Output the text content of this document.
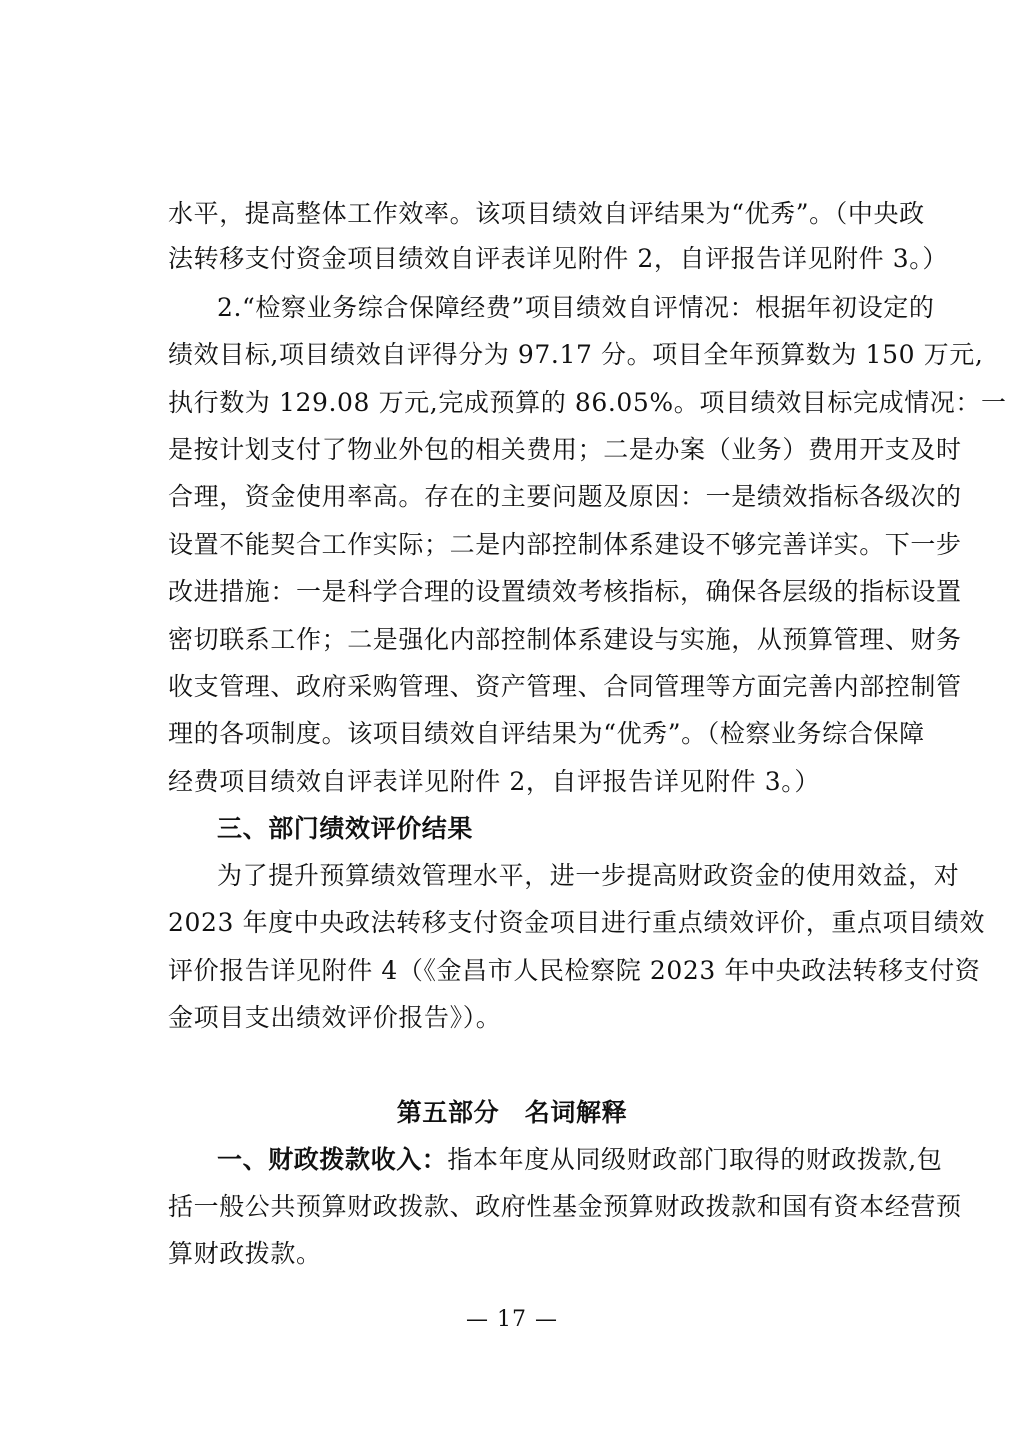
水平，提高整体工作效率。该项目绩效自评结果为“优秀”。（中央政
法转移支付资金项目绩效自评表详见附件 2，自评报告详见附件 3。）
2.“检察业务综合保障经费”项目绩效自评情况：根据年初设定的
绩效目标,项目绩效自评得分为 97.17 分。项目全年预算数为 150 万元,
执行数为 129.08 万元,完成预算的 86.05%。项目绩效目标完成情况：一
是按计划支付了物业外包的相关费用；二是办案（业务）费用开支及时
合理，资金使用率高。存在的主要问题及原因：一是绩效指标各级次的
设置不能契合工作实际；二是内部控制体系建设不够完善详实。下一步
改进措施：一是科学合理的设置绩效考核指标，确保各层级的指标设置
密切联系工作；二是强化内部控制体系建设与实施，从预算管理、财务
收支管理、政府采购管理、资产管理、合同管理等方面完善内部控制管
理的各项制度。该项目绩效自评结果为“优秀”。（检察业务综合保障
经费项目绩效自评表详见附件 2，自评报告详见附件 3。）
三、部门绩效评价结果
为了提升预算绩效管理水平，进一步提高财政资金的使用效益，对
2023 年度中央政法转移支付资金项目进行重点绩效评价，重点项目绩效
评价报告详见附件 4（《金昌市人民检察院 2023 年中央政法转移支付资
金项目支出绩效评价报告》）。
第五部分　名词解释
一、财政拨款收入：指本年度从同级财政部门取得的财政拨款,包
括一般公共预算财政拨款、政府性基金预算财政拨款和国有资本经营预
算财政拨款。
— 17 —
